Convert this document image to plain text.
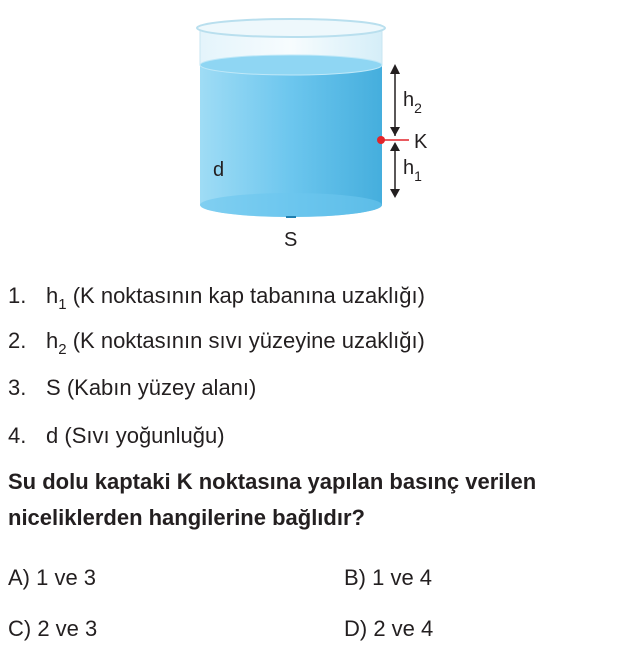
d
K
$h_2$
$h_1$
S
1. $h_1$ (K noktasının kap tabanına uzaklığı)
2. $h_2$ (K noktasının sıvı yüzeyine uzaklığı)
3. S (Kabın yüzey alanı)
4. d (Sıvı yoğunluğu)
Su dolu kaptaki K noktasına yapılan basınç verilen niceliklerden hangilerine bağlıdır?
A) 1 ve 3	B) 1 ve 4
C) 2 ve 3	D) 2 ve 4
